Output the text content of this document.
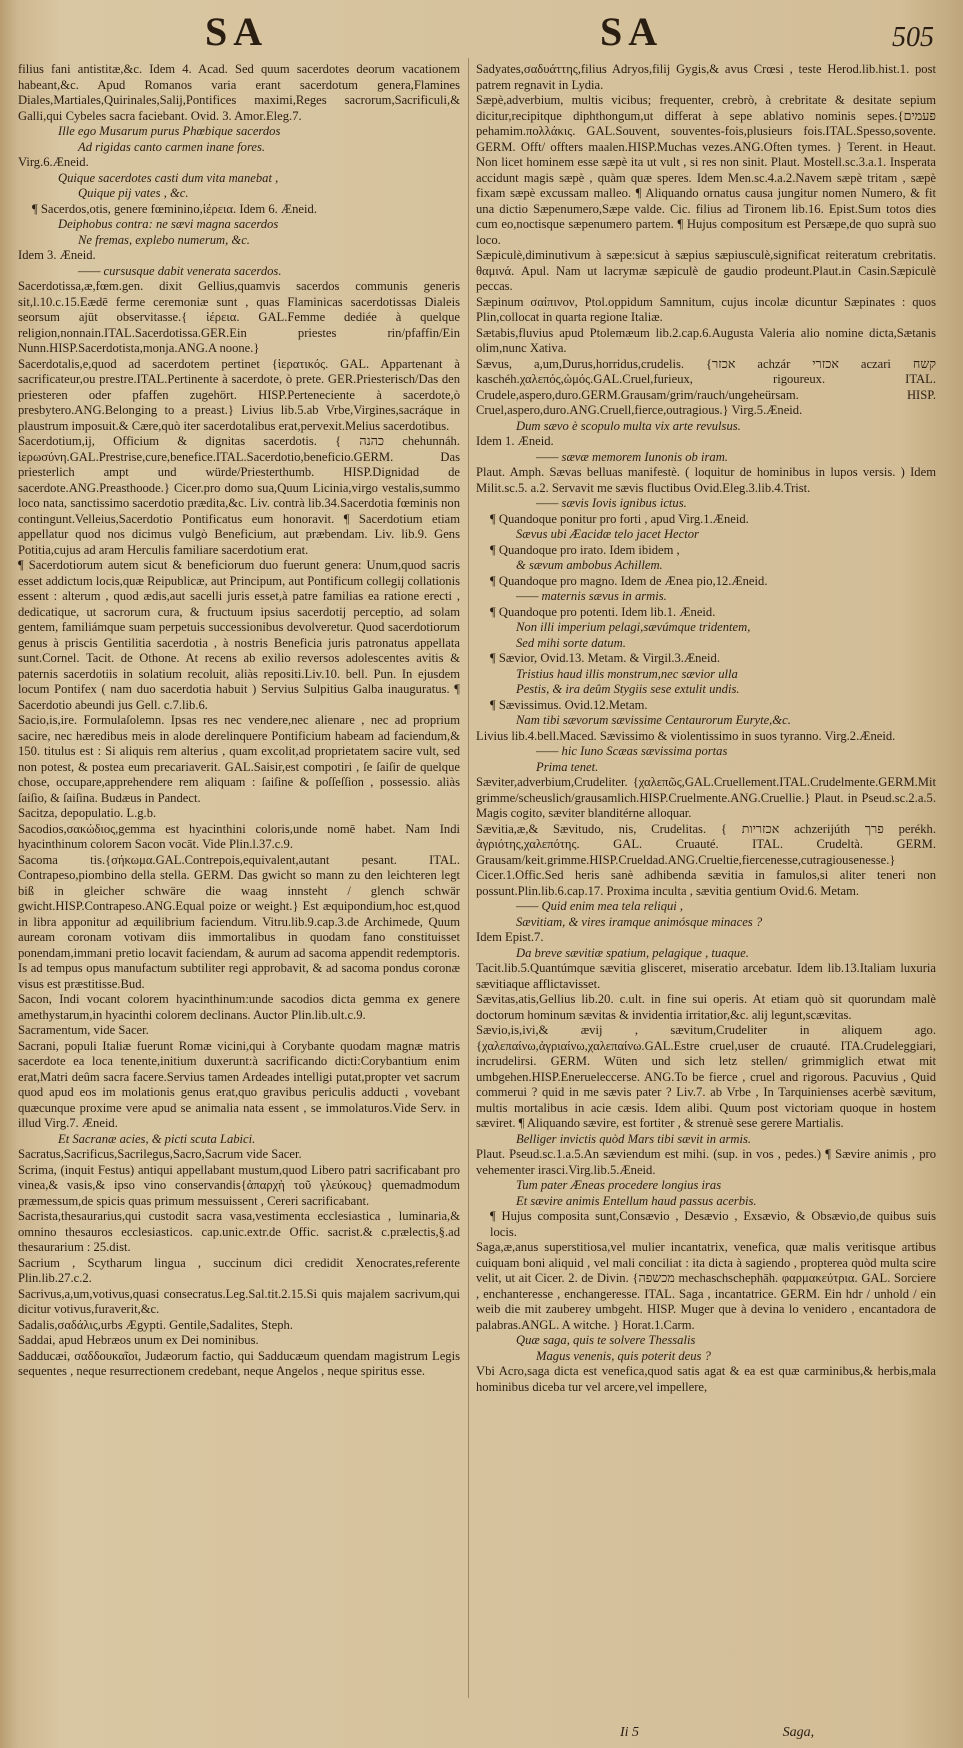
SA	SA	505

filius fani antistitæ,&c. Idem 4. Acad. Sed quum sacerdotes deorum vacationem habeant,&c. Apud Romanos varia erant sacerdotum genera,Flamines Diales,Martiales,Quirinales,Salij,Pontifices maximi,Reges sacrorum,Sacrificuli,& Galli,qui Cybeles sacra faciebant. Ovid. 3. Amor.Eleg.7.

Ille ego Musarum purus Phœbique sacerdos

Ad rigidas canto carmen inane fores.

Virg.6.Æneid.

Quique sacerdotes casti dum vita manebat ,

Quique pij vates , &c.

¶ Sacerdos,otis, genere fœminino,ἱέρεια. Idem 6. Æneid.

Deiphobus contra: ne sævi magna sacerdos

Ne fremas, explebo numerum, &c.

Idem 3. Æneid.

—— cursusque dabit venerata sacerdos.

Sacerdotissa,æ,fœm.gen. dixit Gellius,quamvis sacerdos communis generis sit,l.10.c.15.Eædē ferme ceremoniæ sunt , quas Flaminicas sacerdotissas Dialeis seorsum ajūt observitasse.{ ἱέρεια. GAL.Femme dediée à quelque religion,nonnain.ITAL.Sacerdotissa.GER.Ein priestes rin/pfaffin/Ein Nunn.HISP.Sacerdotista,monja.ANG.A noone.}

Sacerdotalis,e,quod ad sacerdotem pertinet {ἱερατικός. GAL. Appartenant à sacrificateur,ou prestre.ITAL.Pertinente à sacerdote, ò prete. GER.Priesterisch/Das den priesteren oder pfaffen zugehört. HISP.Perteneciente à sacerdote,ò presbytero.ANG.Belonging to a preast.} Livius lib.5.ab Vrbe,Virgines,sacráque in plaustrum imposuit.& Cære,quò iter sacerdotalibus erat,pervexit.Melius sacerdotibus.

Sacerdotium,ij, Officium & dignitas sacerdotis. { כהנה chehunnáh. ἱερωσύνη.GAL.Prestrise,cure,benefice.ITAL.Sacerdotio,beneficio.GERM. Das priesterlich ampt und würde/Priesterthumb. HISP.Dignidad de sacerdote.ANG.Preasthoode.} Cicer.pro domo sua,Quum Licinia,virgo vestalis,summo loco nata, sanctissimo sacerdotio prædita,&c. Liv. contrà lib.34.Sacerdotia fœminis non contingunt.Velleius,Sacerdotio Pontificatus eum honoravit. ¶ Sacerdotium etiam appellatur quod nos dicimus vulgò Beneficium, aut præbendam. Liv. lib.9. Gens Potitia,cujus ad aram Herculis familiare sacerdotium erat.

¶ Sacerdotiorum autem sicut & beneficiorum duo fuerunt genera: Unum,quod sacris esset addictum locis,quæ Reipublicæ, aut Principum, aut Pontificum collegij collationis essent : alterum , quod ædis,aut sacelli juris esset,à patre familias ea ratione erecti , dedicatique, ut sacrorum cura, & fructuum ipsius sacerdotij perceptio, ad solam gentem, familiámque suam perpetuis successionibus devolveretur. Quod sacerdotiorum genus à priscis Gentilitia sacerdotia , à nostris Beneficia juris patronatus appellata sunt.Cornel. Tacit. de Othone. At recens ab exilio reversos adolescentes avitis & paternis sacerdotiis in solatium recoluit, aliàs repositi.Liv.10. bell. Pun. In ejusdem locum Pontifex ( nam duo sacerdotia habuit ) Servius Sulpitius Galba inauguratus. ¶ Sacerdotio abeundi jus Gell. c.7.lib.6.

Sacio,is,ire. Formulaſolemn. Ipsas res nec vendere,nec alienare , nec ad proprium sacire, nec hæredibus meis in alode derelinquere Pontificium habeam ad faciendum,& 150. titulus est : Si aliquis rem alterius , quam excolit,ad proprietatem sacire vult, sed non potest, & postea eum precariaverit. GAL.Saisir,est compotiri , ſe ſaiſir de quelque chose, occupare,apprehendere rem aliquam : ſaiſine & poſſeſſion , possessio. aliàs ſaiſio, & ſaiſina. Budæus in Pandect.

Sacitza, depopulatio. L.g.b.

Sacodios,σακώδιος,gemma est hyacinthini coloris,unde nomē habet. Nam Indi hyacinthinum colorem Sacon vocāt. Vide Plin.l.37.c.9.

Sacoma tis.{σήκωμα.GAL.Contrepois,equivalent,autant pesant. ITAL. Contrapeso,piombino della stella. GERM. Das gwicht so mann zu den leichteren legt biß in gleicher schwäre die waag innsteht / glench schwär gwicht.HISP.Contrapeso.ANG.Equal poize or weight.} Est æquipondium,hoc est,quod in libra apponitur ad æquilibrium faciendum. Vitru.lib.9.cap.3.de Archimede, Quum auream coronam votivam diis immortalibus in quodam fano constituisset ponendam,immani pretio locavit faciendam, & aurum ad sacoma appendit redemptoris. Is ad tempus opus manufactum subtiliter regi approbavit, & ad sacoma pondus coronæ visus est præstitisse.Bud.

Sacon, Indi vocant colorem hyacinthinum:unde sacodios dicta gemma ex genere amethystarum,in hyacinthi colorem declinans. Auctor Plin.lib.ult.c.9.

Sacramentum, vide Sacer.

Sacrani, populi Italiæ fuerunt Romæ vicini,qui à Corybante quodam magnæ matris sacerdote ea loca tenente,initium duxerunt:à sacrificando dicti:Corybantium enim erat,Matri deûm sacra facere.Servius tamen Ardeades intelligi putat,propter vet sacrum quod apud eos im molationis genus erat,quo gravibus periculis adducti , vovebant quæcunque proxime vere apud se animalia nata essent , se immolaturos.Vide Serv. in illud Virg.7. Æneid.

Et Sacranæ acies, & picti scuta Labici.

Sacratus,Sacrificus,Sacrilegus,Sacro,Sacrum vide Sacer.

Scrima, (inquit Festus) antiqui appellabant mustum,quod Libero patri sacrificabant pro vinea,& vasis,& ipso vino conservandis{ἀπαρχὴ τοῦ γλεύκους} quemadmodum præmessum,de spicis quas primum messuissent , Cereri sacrificabant.

Sacrista,thesaurarius,qui custodit sacra vasa,vestimenta ecclesiastica , luminaria,& omnino thesauros ecclesiasticos. cap.unic.extr.de Offic. sacrist.& c.prælectis,§.ad thesaurarium : 25.dist.

Sacrium , Scytharum lingua , succinum dici credidit Xenocrates,referente Plin.lib.27.c.2.

Sacrivus,a,um,votivus,quasi consecratus.Leg.Sal.tit.2.15.Si quis majalem sacrivum,qui dicitur votivus,furaverit,&c.

Sadalis,σαδάλις,urbs Ægypti. Gentile,Sadalites, Steph.

Saddai, apud Hebræos unum ex Dei nominibus.

Sadducæi, σαδδουκαῖοι, Judæorum factio, qui Sadducæum quendam magistrum Legis sequentes , neque resurrectionem credebant, neque Angelos , neque spiritus esse.

Sadyates,σαδυάττης,filius Adryos,filij Gygis,& avus Crœsi , teste Herod.lib.hist.1. post patrem regnavit in Lydia.

Sæpè,adverbium, multis vicibus; frequenter, crebrò, à crebritate & desitate sepium dicitur,recipitque diphthongum,ut differat à sepe ablativo nominis sepes.{פעמים pehamim.πολλάκις. GAL.Souvent, souventes-fois,plusieurs fois.ITAL.Spesso,sovente. GERM. Offt/ offters maalen.HISP.Muchas vezes.ANG.Often tymes. } Terent. in Heaut. Non licet hominem esse sæpè ita ut vult , si res non sinit. Plaut. Mostell.sc.3.a.1. Insperata accidunt magis sæpè , quàm quæ speres. Idem Men.sc.4.a.2.Navem sæpè tritam , sæpè fixam sæpè excussam malleo. ¶ Aliquando ornatus causa jungitur nomen Numero, & fit una dictio Sæpenumero,Sæpe valde. Cic. filius ad Tironem lib.16. Epist.Sum totos dies cum eo,noctisque sæpenumero partem. ¶ Hujus compositum est Persæpe,de quo suprà suo loco.

Sæpiculè,diminutivum à sæpe:sicut à sæpius sæpiusculè,significat reiteratum crebritatis. θαμινά. Apul. Nam ut lacrymæ sæpiculè de gaudio prodeunt.Plaut.in Casin.Sæpiculè peccas.

Sæpinum σαίπινον, Ptol.oppidum Samnitum, cujus incolæ dicuntur Sæpinates : quos Plin,collocat in quarta regione Italiæ.

Sætabis,fluvius apud Ptolemæum lib.2.cap.6.Augusta Valeria alio nomine dicta,Sætanis olim,nunc Xativa.

Sævus, a,um,Durus,horridus,crudelis. {אכזר achzár אכזרי aczari קשח kaschéh.χαλεπός,ὠμός.GAL.Cruel,furieux, rigoureux. ITAL. Crudele,aspero,duro.GERM.Grausam/grim/rauch/ungeheürsam. HISP. Cruel,aspero,duro.ANG.Cruell,fierce,outragious.} Virg.5.Æneid.

Dum sævo è scopulo multa vix arte revulsus.

Idem 1. Æneid.

—— sævæ memorem Iunonis ob iram.

Plaut. Amph. Sævas belluas manifestè. ( loquitur de hominibus in lupos versis. ) Idem Milit.sc.5. a.2. Servavit me sævis fluctibus Ovid.Eleg.3.lib.4.Trist.

—— sævis Iovis ignibus ictus.

¶ Quandoque ponitur pro forti , apud Virg.1.Æneid.

Sævus ubi Æacidæ telo jacet Hector

¶ Quandoque pro irato. Idem ibidem ,

& sævum ambobus Achillem.

¶ Quandoque pro magno. Idem de Ænea pio,12.Æneid.

—— maternis sævus in armis.

¶ Quandoque pro potenti. Idem lib.1. Æneid.

Non illi imperium pelagi,sævúmque tridentem,

Sed mihi sorte datum.

¶ Sævior, Ovid.13. Metam. & Virgil.3.Æneid.

Tristius haud illis monstrum,nec sævior ulla

Pestis, & ira deûm Stygiis sese extulit undis.

¶ Sævissimus. Ovid.12.Metam.

Nam tibi sævorum sævissime Centaurorum Euryte,&c.

Livius lib.4.bell.Maced. Sævissimo & violentissimo in suos tyranno. Virg.2.Æneid.

—— hic Iuno Scæas sævissima portas

Prima tenet.

Sæviter,adverbium,Crudeliter. {χαλεπῶς,GAL.Cruellement.ITAL.Crudelmente.GERM.Mit grimme/scheuslich/grausamlich.HISP.Cruelmente.ANG.Cruellie.} Plaut. in Pseud.sc.2.a.5. Magis cogito, sæviter blanditérne alloquar.

Sævitia,æ,& Sævitudo, nis, Crudelitas. { אכזריות achzerijúth פרך perékh. ἀγριότης,χαλεπότης. GAL. Cruauté. ITAL. Crudeltà. GERM. Grausam/keit.grimme.HISP.Crueldad.ANG.Crueltie,fiercenesse,cutragiousenesse.} Cicer.1.Offic.Sed heris sanè adhibenda sævitia in famulos,si aliter teneri non possunt.Plin.lib.6.cap.17. Proxima inculta , sævitia gentium Ovid.6. Metam.

—— Quid enim mea tela reliqui ,

Sævitiam, & vires iramque animósque minaces ?

Idem Epist.7.

Da breve sævitiæ spatium, pelagique , tuaque.

Tacit.lib.5.Quantúmque sævitia glisceret, miseratio arcebatur. Idem lib.13.Italiam luxuria sævitiaque afflictavisset.

Sævitas,atis,Gellius lib.20. c.ult. in fine sui operis. At etiam quò sit quorundam malè doctorum hominum sævitas & invidentia irritatior,&c. alij legunt,scævitas.

Sævio,is,ivi,& ævij , sævitum,Crudeliter in aliquem ago.{χαλεπαίνω,ἀγριαίνω,χαλεπαίνω.GAL.Estre cruel,user de cruauté. ITA.Crudeleggiari, incrudelirsi. GERM. Wüten und sich letz stellen/ grimmiglich etwat mit umbgehen.HISP.Enerueleccerse. ANG.To be fierce , cruel and rigorous. Pacuvius , Quid commerui ? quid in me sævis pater ? Liv.7. ab Vrbe , In Tarquinienses acerbè sævitum, multis mortalibus in acie cæsis. Idem alibi. Quum post victoriam quoque in hostem sæviret. ¶ Aliquando sævire, est fortiter , & strenuè sese gerere Martialis.

Belliger invictis quòd Mars tibi sævit in armis.

Plaut. Pseud.sc.1.a.5.An sæviendum est mihi. (sup. in vos , pedes.) ¶ Sævire animis , pro vehementer irasci.Virg.lib.5.Æneid.

Tum pater Æneas procedere longius iras

Et sævire animis Entellum haud passus acerbis.

¶ Hujus composita sunt,Consævio , Desævio , Exsævio, & Obsævio,de quibus suis locis.

Saga,æ,anus superstitiosa,vel mulier incantatrix, venefica, quæ malis veritisque artibus cuiquam boni aliquid , vel mali conciliat : ita dicta à sagiendo , propterea quòd multa scire velit, ut ait Cicer. 2. de Divin. {מכשפה mechaschschephāh. φαρμακεύτρια. GAL. Sorciere , enchanteresse , enchangeresse. ITAL. Saga , incantatrice. GERM. Ein hdr / unhold / ein weib die mit zauberey umbgeht. HISP. Muger que à devina lo venidero , encantadora de palabras.ANGL. A witche. } Horat.1.Carm.

Quæ saga, quis te solvere Thessalis

Magus venenis, quis poterit deus ?

Vbi Acro,saga dicta est venefica,quod satis agat & ea est quæ carminibus,& herbis,mala hominibus diceba tur vel arcere,vel impellere,

Ii 5	Saga,
